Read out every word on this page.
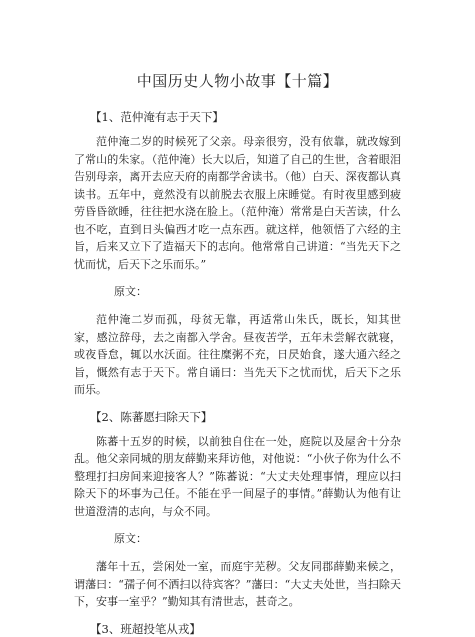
中国历史人物小故事【十篇】
【1、范仲淹有志于天下】
范仲淹二岁的时候死了父亲。母亲很穷，没有依靠，就改嫁到了常山的朱家。（范仲淹）长大以后，知道了自己的生世，含着眼泪告别母亲，离开去应天府的南都学舍读书。（他）白天、深夜都认真读书。五年中，竟然没有以前脱去衣服上床睡觉。有时夜里感到疲劳昏昏欲睡，往往把水浇在脸上。（范仲淹）常常是白天苦读，什么也不吃，直到日头偏西才吃一点东西。就这样，他领悟了六经的主旨，后来又立下了造福天下的志向。他常常自己讲道：“当先天下之忧而忧，后天下之乐而乐。”
原文：
范仲淹二岁而孤，母贫无靠，再适常山朱氏，既长，知其世家，感泣辞母，去之南都入学舍。昼夜苦学，五年未尝解衣就寝，或夜昏怠，辄以水沃面。往往糜粥不充，日昃始食，遂大通六经之旨，慨然有志于天下。常自诵曰：当先天下之忧而忧，后天下之乐而乐。
【2、陈蕃愿扫除天下】
陈蕃十五岁的时候，以前独自住在一处，庭院以及屋舍十分杂乱。他父亲同城的朋友薛勤来拜访他，对他说：“小伙子你为什么不整理打扫房间来迎接客人？”陈蕃说：“大丈夫处理事情，理应以扫除天下的坏事为己任。不能在乎一间屋子的事情。”薛勤认为他有让世道澄清的志向，与众不同。
原文：
藩年十五，尝闲处一室，而庭宇芜秽。父友同郡薛勤来候之，谓藩曰：“孺子何不洒扫以待宾客？”藩曰：“大丈夫处世，当扫除天下，安事一室乎？”勤知其有清世志，甚奇之。
【3、班超投笔从戎】
